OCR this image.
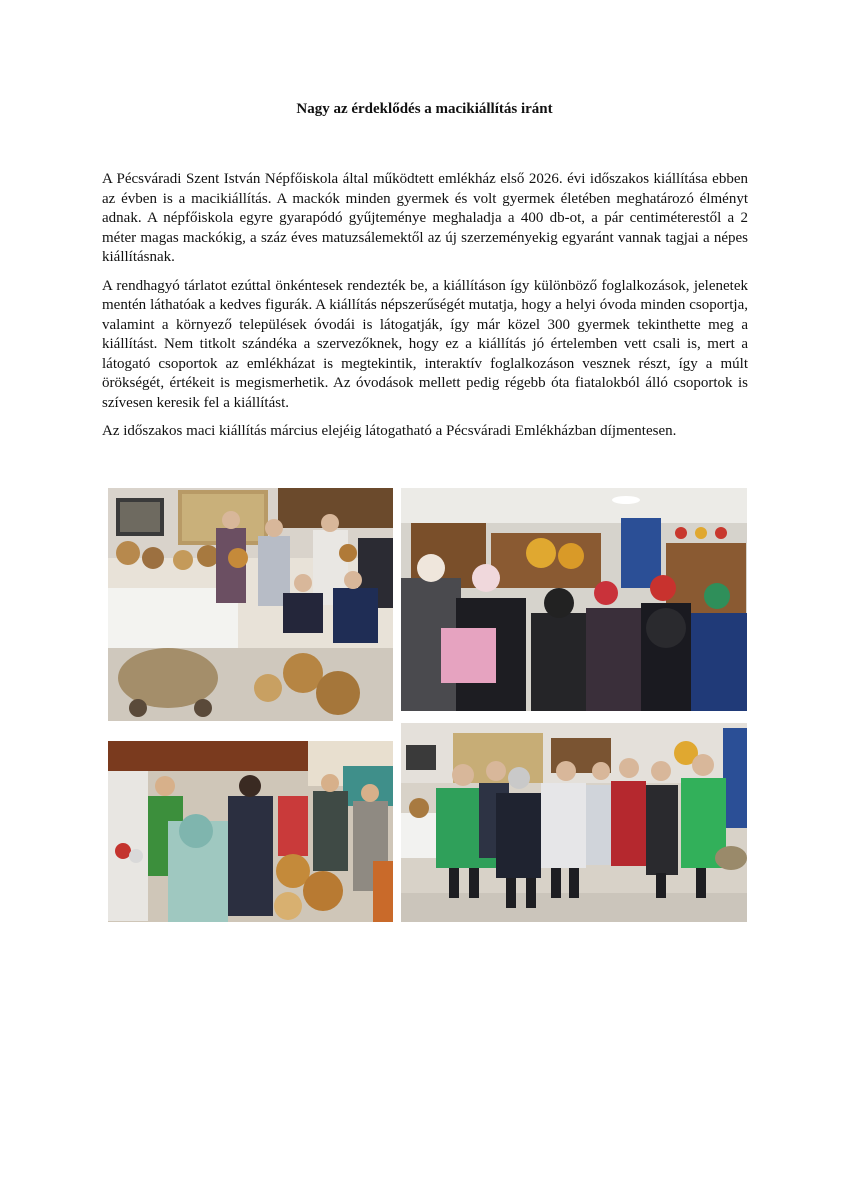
Nagy az érdeklődés a macikiállítás iránt

A Pécsváradi Szent István Népfőiskola által működtett emlékház első 2026. évi időszakos kiállítása ebben az évben is a macikiállítás. A mackók minden gyermek és volt gyermek életében meghatározó élményt adnak. A népfőiskola egyre gyarapódó gyűjteménye meghaladja a 400 db-ot, a pár centiméterestől a 2 méter magas mackókig, a száz éves matuzsálemektől az új szerzeményekig egyaránt vannak tagjai a népes kiállításnak.

A rendhagyó tárlatot ezúttal önkéntesek rendezték be, a kiállításon így különböző foglalkozások, jelenetek mentén láthatóak a kedves figurák. A kiállítás népszerűségét mutatja, hogy a helyi óvoda minden csoportja, valamint a környező települések óvodái is látogatják, így már közel 300 gyermek tekinthette meg a kiállítást. Nem titkolt szándéka a szervezőknek, hogy ez a kiállítás jó értelemben vett csali is, mert a látogató csoportok az emlékházat is megtekintik, interaktív foglalkozáson vesznek részt, így a múlt örökségét, értékeit is megismerhetik. Az óvodások mellett pedig régebb óta fiatalokból álló csoportok is szívesen keresik fel a kiállítást.

Az időszakos maci kiállítás március elejéig látogatható a Pécsváradi Emlékházban díjmentesen.
